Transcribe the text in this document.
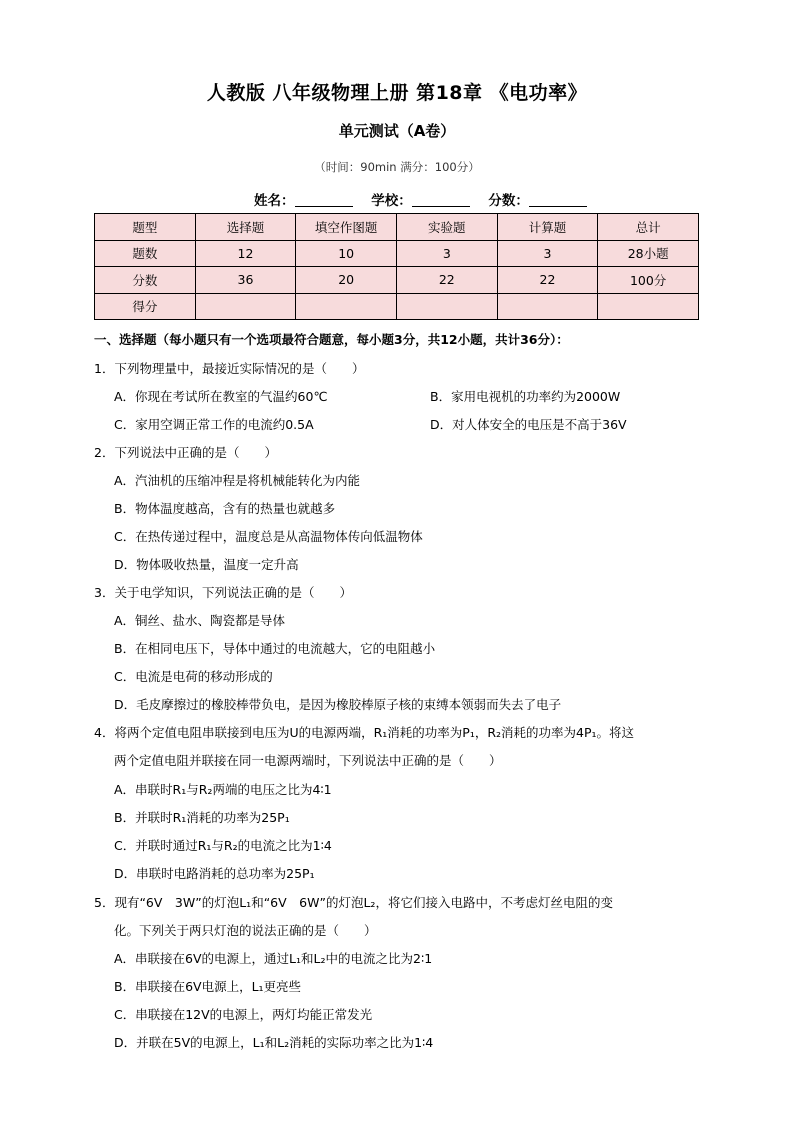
人教版 八年级物理上册 第18章 《电功率》
单元测试（A卷）
（时间：90min 满分：100分）
姓名：	学校：	分数：
题型	选择题	填空作图题	实验题	计算题	总计
题数	12	10	3	3	28小题
分数	36	20	22	22	100分
得分					
一、选择题（每小题只有一个选项最符合题意，每小题3分，共12小题，共计36分）：
1．下列物理量中，最接近实际情况的是（　　）
A．你现在考试所在教室的气温约60℃	B．家用电视机的功率约为2000W
C．家用空调正常工作的电流约0.5A	D．对人体安全的电压是不高于36V
2．下列说法中正确的是（　　）
A．汽油机的压缩冲程是将机械能转化为内能
B．物体温度越高，含有的热量也就越多
C．在热传递过程中，温度总是从高温物体传向低温物体
D．物体吸收热量，温度一定升高
3．关于电学知识，下列说法正确的是（　　）
A．铜丝、盐水、陶瓷都是导体
B．在相同电压下，导体中通过的电流越大，它的电阻越小
C．电流是电荷的移动形成的
D．毛皮摩擦过的橡胶棒带负电，是因为橡胶棒原子核的束缚本领弱而失去了电子
4．将两个定值电阻串联接到电压为U的电源两端，R₁消耗的功率为P₁，R₂消耗的功率为4P₁。将这
两个定值电阻并联接在同一电源两端时，下列说法中正确的是（　　）
A．串联时R₁与R₂两端的电压之比为4∶1
B．并联时R₁消耗的功率为25P₁
C．并联时通过R₁与R₂的电流之比为1∶4
D．串联时电路消耗的总功率为25P₁
5．现有“6V　3W”的灯泡L₁和“6V　6W”的灯泡L₂，将它们接入电路中，不考虑灯丝电阻的变
化。下列关于两只灯泡的说法正确的是（　　）
A．串联接在6V的电源上，通过L₁和L₂中的电流之比为2∶1
B．串联接在6V电源上，L₁更亮些
C．串联接在12V的电源上，两灯均能正常发光
D．并联在5V的电源上，L₁和L₂消耗的实际功率之比为1∶4
